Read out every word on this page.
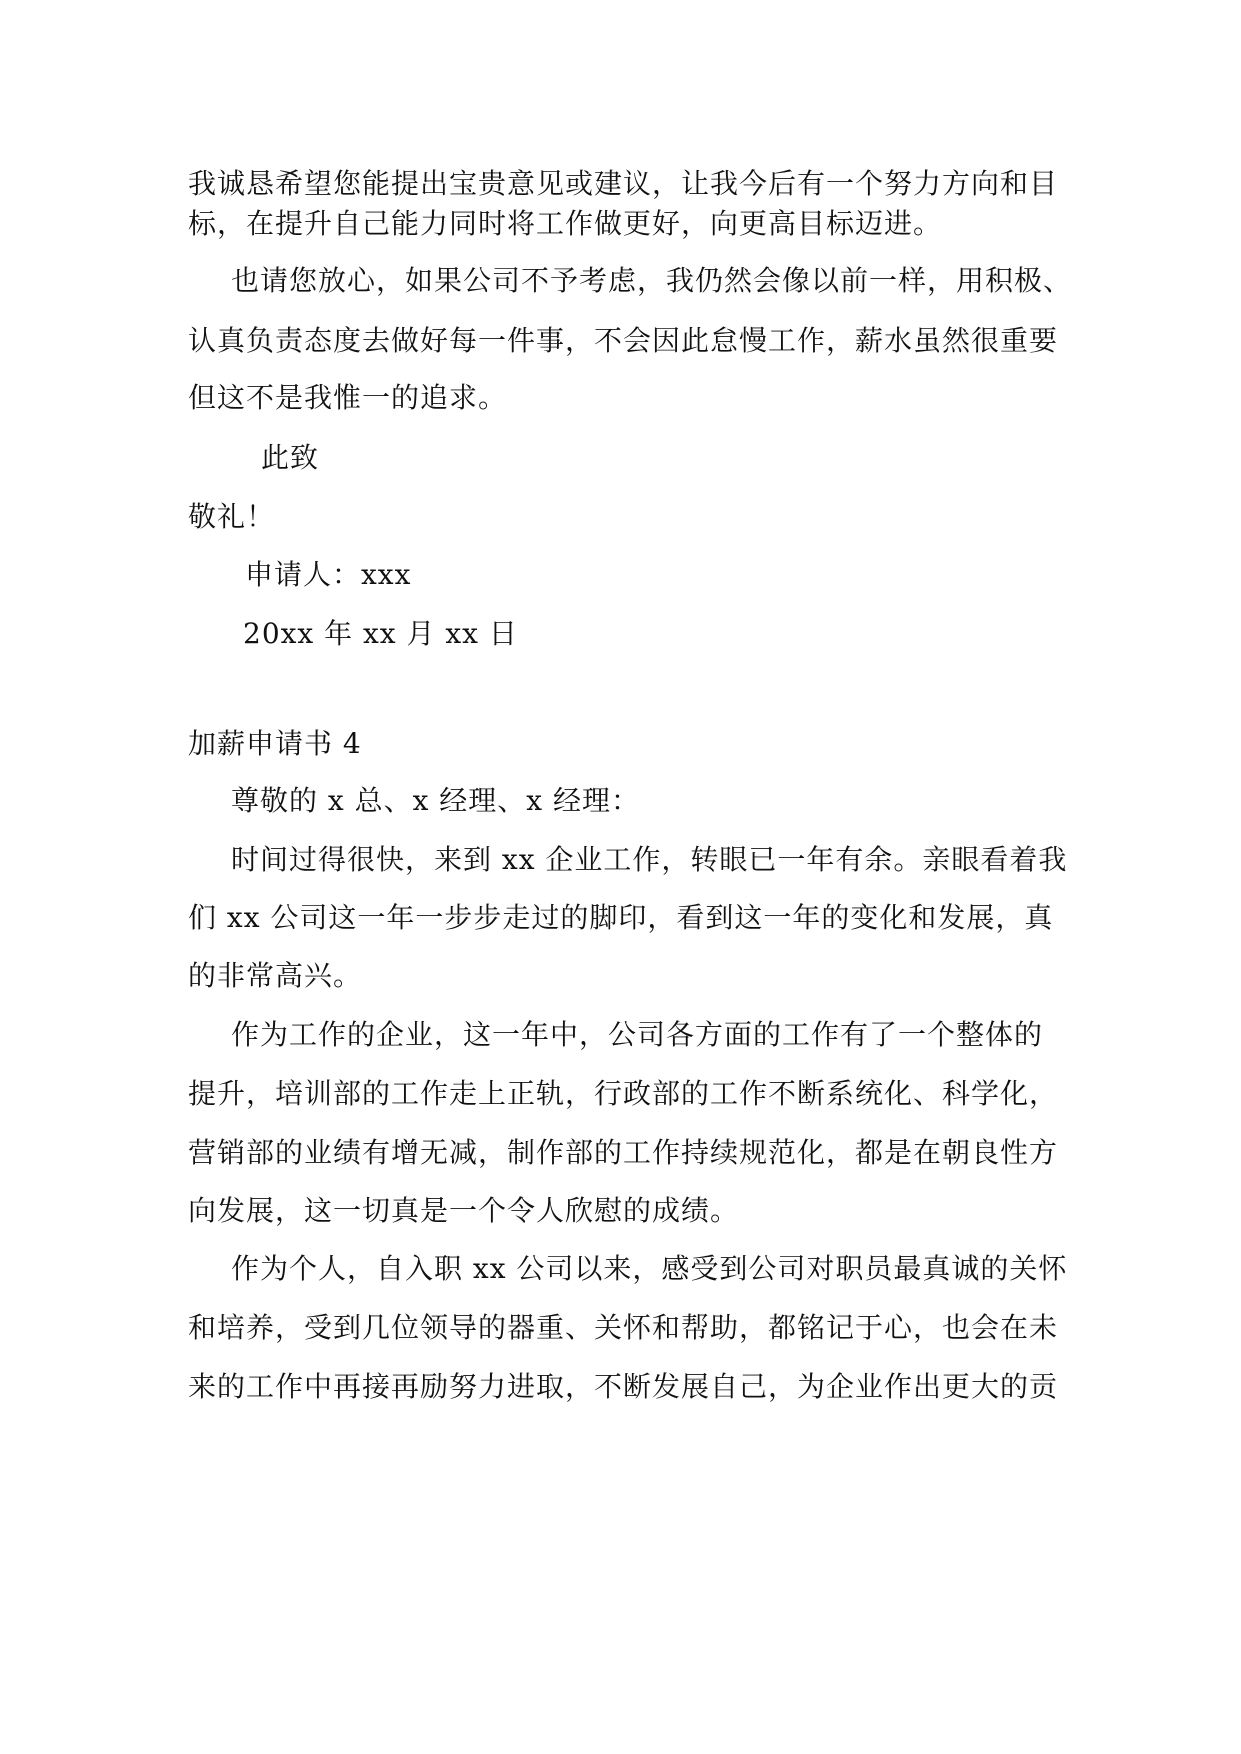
我诚恳希望您能提出宝贵意见或建议，让我今后有一个努力方向和目
标，在提升自己能力同时将工作做更好，向更高目标迈进。
也请您放心，如果公司不予考虑，我仍然会像以前一样，用积极、
认真负责态度去做好每一件事，不会因此怠慢工作，薪水虽然很重要
但这不是我惟一的追求。
此致
敬礼！
申请人：xxx
20xx 年 xx 月 xx 日
加薪申请书 4
尊敬的 x 总、x 经理、x 经理：
时间过得很快，来到 xx 企业工作，转眼已一年有余。亲眼看着我
们 xx 公司这一年一步步走过的脚印，看到这一年的变化和发展，真
的非常高兴。
作为工作的企业，这一年中，公司各方面的工作有了一个整体的
提升，培训部的工作走上正轨，行政部的工作不断系统化、科学化，
营销部的业绩有增无减，制作部的工作持续规范化，都是在朝良性方
向发展，这一切真是一个令人欣慰的成绩。
作为个人，自入职 xx 公司以来，感受到公司对职员最真诚的关怀
和培养，受到几位领导的器重、关怀和帮助，都铭记于心，也会在未
来的工作中再接再励努力进取，不断发展自己，为企业作出更大的贡
